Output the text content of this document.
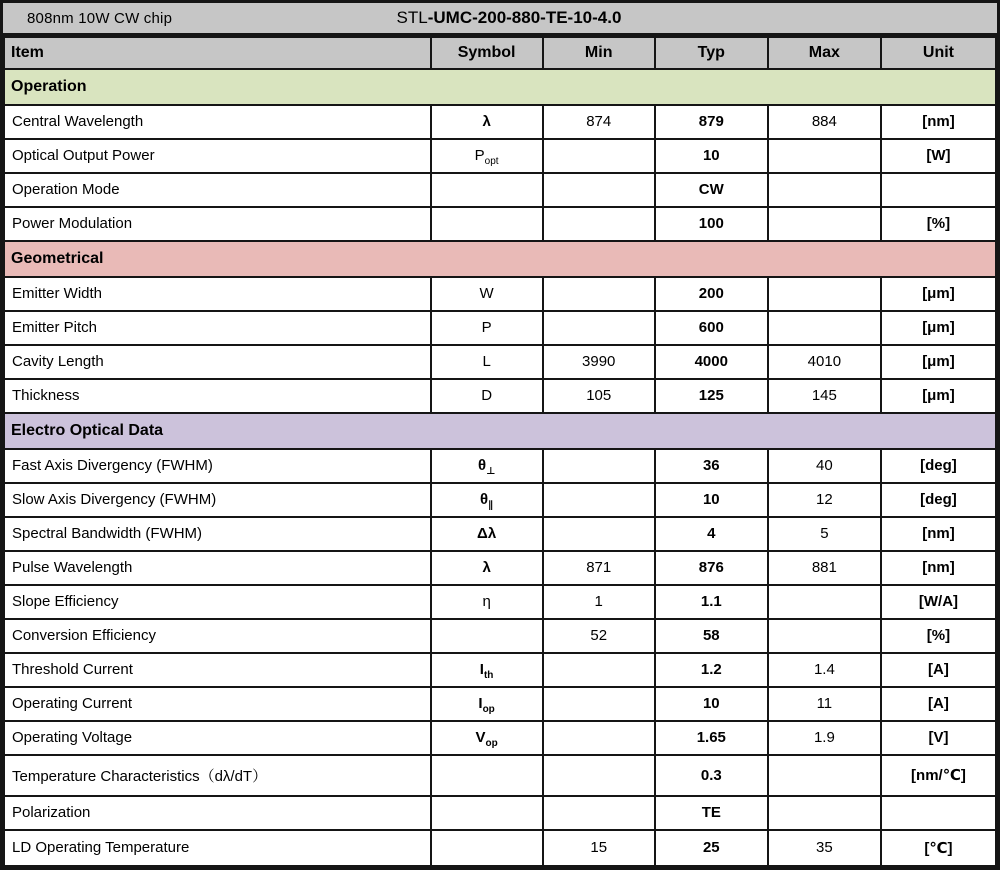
808nm 10W CW chip	STL-UMC-200-880-TE-10-4.0
Item	Symbol	Min	Typ	Max	Unit
Operation					
Central Wavelength	λ	874	879	884	[nm]
Optical Output Power	$P_{opt}$		10		[W]
Operation Mode			CW		
Power Modulation			100		[%]
Geometrical					
Emitter Width	W		200		[μm]
Emitter Pitch	P		600		[μm]
Cavity Length	L	3990	4000	4010	[μm]
Thickness	D	105	125	145	[μm]
Electro Optical Data					
Fast Axis Divergency (FWHM)	$\theta_\perp$		36	40	[deg]
Slow Axis Divergency (FWHM)	$\theta_\parallel$		10	12	[deg]
Spectral Bandwidth (FWHM)	Δλ		4	5	[nm]
Pulse Wavelength	λ	871	876	881	[nm]
Slope Efficiency	η	1	1.1		[W/A]
Conversion Efficiency		52	58		[%]
Threshold Current	$I_{th}$		1.2	1.4	[A]
Operating Current	$I_{op}$		10	11	[A]
Operating Voltage	$V_{op}$		1.65	1.9	[V]
Temperature Characteristics（dλ/dT）			0.3		[nm/℃]
Polarization			TE		
LD Operating Temperature		15	25	35	[℃]
